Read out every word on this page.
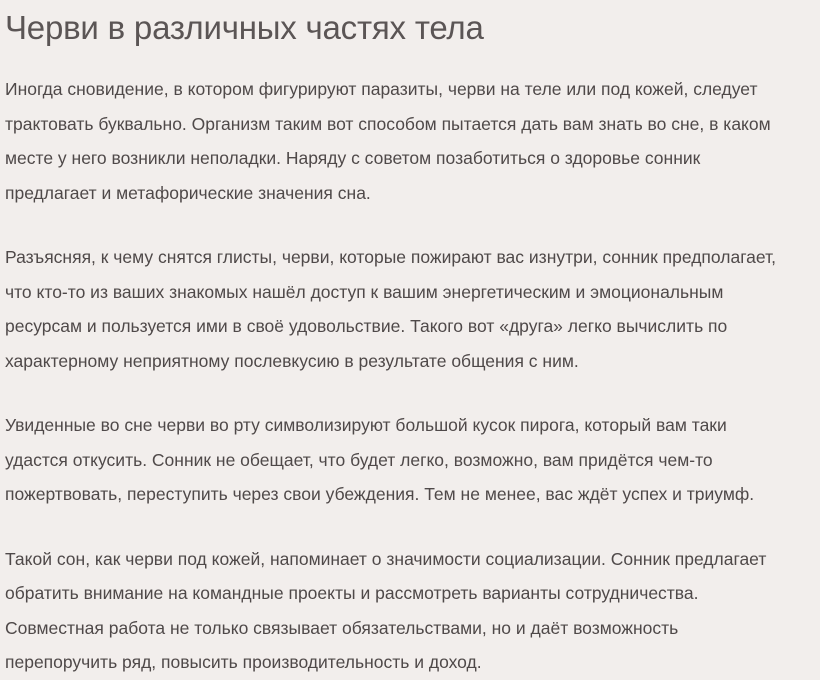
Черви в различных частях тела

Иногда сновидение, в котором фигурируют паразиты, черви на теле или под кожей, следует
трактовать буквально. Организм таким вот способом пытается дать вам знать во сне, в каком
месте у него возникли неполадки. Наряду с советом позаботиться о здоровье сонник
предлагает и метафорические значения сна.

Разъясняя, к чему снятся глисты, черви, которые пожирают вас изнутри, сонник предполагает,
что кто-то из ваших знакомых нашёл доступ к вашим энергетическим и эмоциональным
ресурсам и пользуется ими в своё удовольствие. Такого вот «друга» легко вычислить по
характерному неприятному послевкусию в результате общения с ним.

Увиденные во сне черви во рту символизируют большой кусок пирога, который вам таки
удастся откусить. Сонник не обещает, что будет легко, возможно, вам придётся чем-то
пожертвовать, переступить через свои убеждения. Тем не менее, вас ждёт успех и триумф.

Такой сон, как черви под кожей, напоминает о значимости социализации. Сонник предлагает
обратить внимание на командные проекты и рассмотреть варианты сотрудничества.
Совместная работа не только связывает обязательствами, но и даёт возможность
перепоручить ряд, повысить производительность и доход.
